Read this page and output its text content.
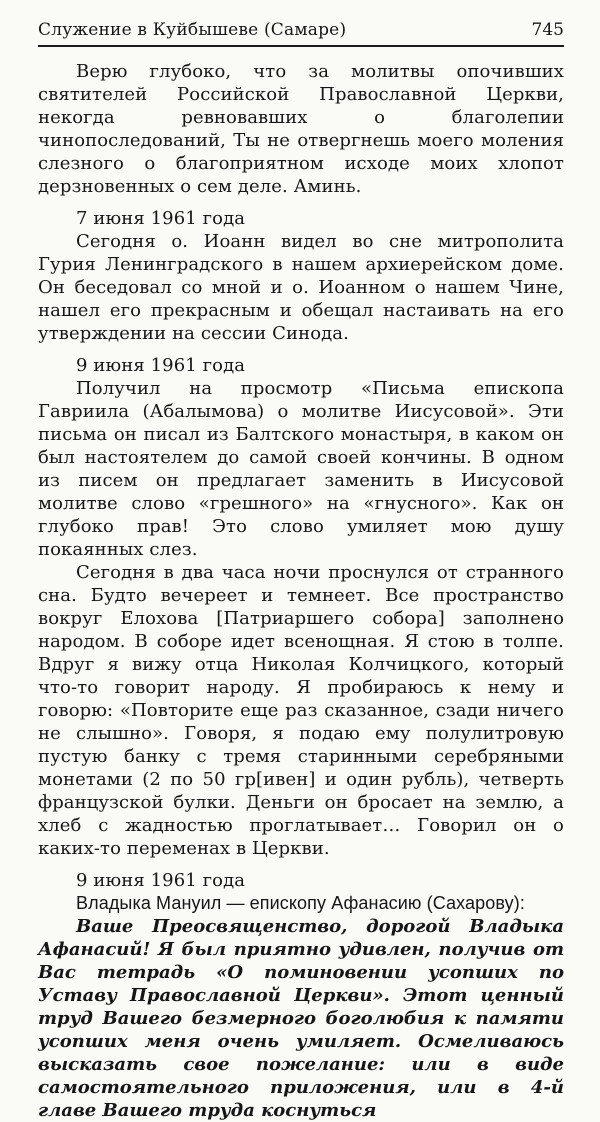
Служение в Куйбышеве (Самаре)	745

Верю глубоко, что за молитвы опочивших святителей Российской Православной Церкви, некогда ревновавших о благолепии чинопоследований, Ты не отвергнешь моего моления слезного о благоприятном исходе моих хлопот дерзновенных о сем деле. Аминь.

7 июня 1961 года

Сегодня о. Иоанн видел во сне митрополита Гурия Ленинградского в нашем архиерейском доме. Он беседовал со мной и о. Иоанном о нашем Чине, нашел его прекрасным и обещал настаивать на его утверждении на сессии Синода.

9 июня 1961 года

Получил на просмотр «Письма епископа Гавриила (Абалымова) о молитве Иисусовой». Эти письма он писал из Балтского монастыря, в каком он был настоятелем до самой своей кончины. В одном из писем он предлагает заменить в Иисусовой молитве слово «грешного» на «гнусного». Как он глубоко прав! Это слово умиляет мою душу покаянных слез.

Сегодня в два часа ночи проснулся от странного сна. Будто вечереет и темнеет. Все пространство вокруг Елохова [Патриаршего собора] заполнено народом. В соборе идет всенощная. Я стою в толпе. Вдруг я вижу отца Николая Колчицкого, который что-то говорит народу. Я пробираюсь к нему и говорю: «Повторите еще раз сказанное, сзади ничего не слышно». Говоря, я подаю ему полулитровую пустую банку с тремя старинными серебряными монетами (2 по 50 гр[ивен] и один рубль), четверть французской булки. Деньги он бросает на землю, а хлеб с жадностью проглатывает… Говорил он о каких-то переменах в Церкви.

9 июня 1961 года

Владыка Мануил — епископу Афанасию (Сахарову):

Ваше Преосвященство, дорогой Владыка Афанасий! Я был приятно удивлен, получив от Вас тетрадь «О поминовении усопших по Уставу Православной Церкви». Этот ценный труд Вашего безмерного боголюбия к памяти усопших меня очень умиляет. Осмеливаюсь высказать свое пожелание: или в виде самостоятельного приложения, или в 4-й главе Вашего труда коснуться
